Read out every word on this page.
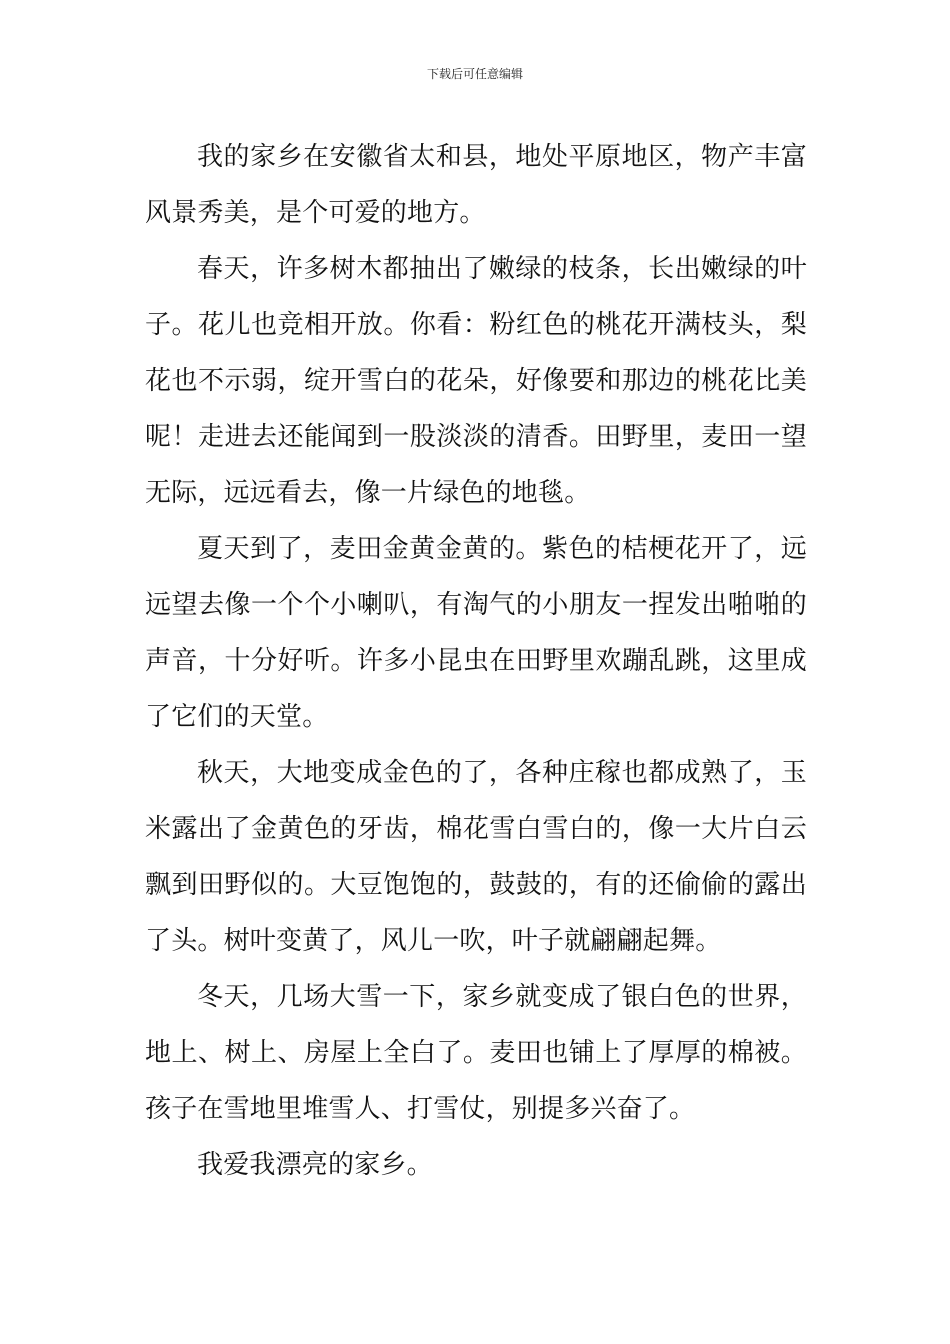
下载后可任意编辑

我的家乡在安徽省太和县，地处平原地区，物产丰富风景秀美，是个可爱的地方。

春天，许多树木都抽出了嫩绿的枝条，长出嫩绿的叶子。花儿也竞相开放。你看：粉红色的桃花开满枝头，梨花也不示弱，绽开雪白的花朵，好像要和那边的桃花比美呢！走进去还能闻到一股淡淡的清香。田野里，麦田一望无际，远远看去，像一片绿色的地毯。

夏天到了，麦田金黄金黄的。紫色的桔梗花开了，远远望去像一个个小喇叭，有淘气的小朋友一捏发出啪啪的声音，十分好听。许多小昆虫在田野里欢蹦乱跳，这里成了它们的天堂。

秋天，大地变成金色的了，各种庄稼也都成熟了，玉米露出了金黄色的牙齿，棉花雪白雪白的，像一大片白云飘到田野似的。大豆饱饱的，鼓鼓的，有的还偷偷的露出了头。树叶变黄了，风儿一吹，叶子就翩翩起舞。

冬天，几场大雪一下，家乡就变成了银白色的世界，地上、树上、房屋上全白了。麦田也铺上了厚厚的棉被。孩子在雪地里堆雪人、打雪仗，别提多兴奋了。

我爱我漂亮的家乡。
